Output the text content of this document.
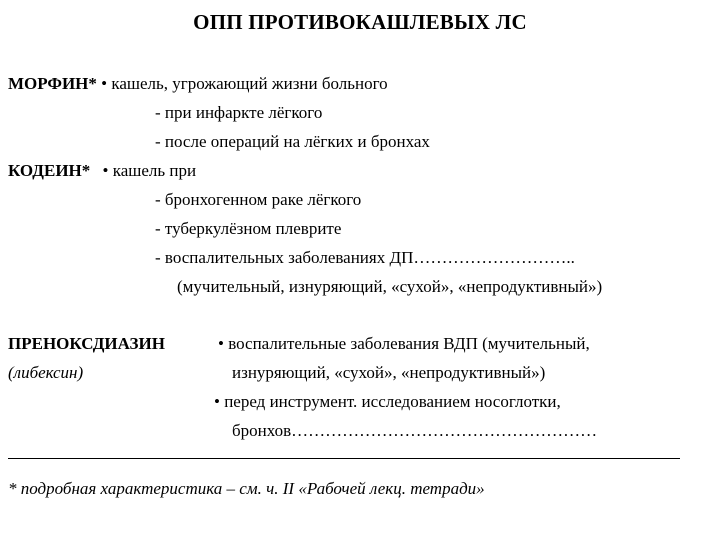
ОПП ПРОТИВОКАШЛЕВЫХ ЛС
МОРФИН* • кашель, угрожающий жизни больного
- при инфаркте лёгкого
- после операций на лёгких и бронхах
КОДЕИН* • кашель при
- бронхогенном раке лёгкого
- туберкулёзном плеврите
- воспалительных заболеваниях ДП………………………..
(мучительный, изнуряющий, «сухой», «непродуктивный»)
ПРЕНОКСДИАЗИН
(либексин)
• воспалительные заболевания ВДП (мучительный,
изнуряющий, «сухой», «непродуктивный»)
• перед инструмент. исследованием носоглотки,
бронхов………………………………………………
* подробная характеристика – см. ч. II «Рабочей лекц. тетради»
